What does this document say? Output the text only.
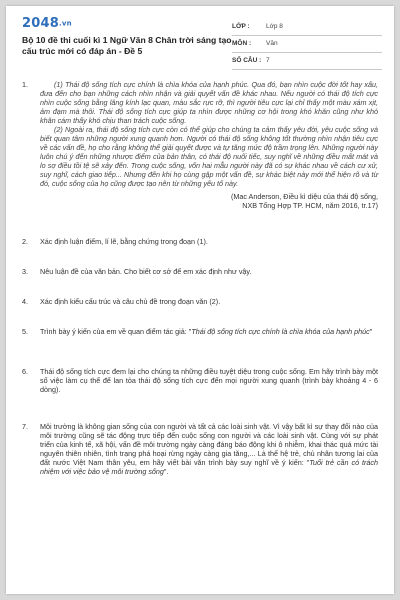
2048.vn
Bộ 10 đề thi cuối kì 1 Ngữ Văn 8 Chân trời sáng tạo cấu trúc mới có đáp án - Đề 5
LỚP :	Lớp 8
MÔN : Văn
SỐ CÂU : 7
1.	(1) Thái độ sống tích cực chính là chìa khóa của hạnh phúc. Qua đó, bạn nhìn cuộc đời tốt hay xấu, đưa đến cho bạn những cách nhìn nhận và giải quyết vấn đề khác nhau. Nếu người có thái độ tích cực nhìn cuộc sống bằng lăng kính lạc quan, màu sắc rực rỡ, thì người tiêu cực lại chỉ thấy một màu xám xịt, ảm đạm mà thôi. Thái độ sống tích cực giúp ta nhìn được những cơ hội trong khó khăn cũng như khó khăn cám thấy khó chịu than trách cuộc sống.

(2) Ngoài ra, thái độ sống tích cực còn có thể giúp cho chúng ta cảm thấy yêu đời, yêu cuộc sống và biết quan tâm những người xung quanh hơn. Người có thái độ sống không tốt thường nhìn nhận tiêu cực về các vấn đề, họ cho rằng không thể giải quyết được và tự tăng mức độ trầm trọng lên. Những người này luôn chú ý đến những nhược điểm của bản thân, có thái độ nuối tiếc, suy nghĩ về những điều mất mát và lo sợ điều tồi tệ sẽ xảy đến. Trong cuộc sống, vốn hai mẫu người này đã có sự khác nhau về cách cư xử, suy nghĩ, cách giao tiếp... Nhưng đến khi họ cùng gặp một vấn đề, sự khác biệt này mới thể hiện rõ và từ đó, cuộc sống của họ cũng được tạo nên từ những yếu tố này.

(Mac Anderson, Điều kì diệu của thái độ sống,
NXB Tổng Hợp TP. HCM, năm 2016, tr.17)
2. Xác định luận điểm, lí lẽ, bằng chứng trong đoạn (1).
3. Nêu luận đề của văn bản. Cho biết cơ sở để em xác định như vậy.
4. Xác định kiểu cấu trúc và câu chủ đề trong đoạn văn (2).
5. Trình bày ý kiến của em về quan điểm tác giả: "Thái độ sống tích cực chính là chìa khóa của hạnh phúc"
6. Thái độ sống tích cực đem lại cho chúng ta những điều tuyệt diệu trong cuộc sống. Em hãy trình bày một số việc làm cụ thể để lan tỏa thái độ sống tích cực đến mọi người xung quanh (trình bày khoảng 4 - 6 dòng).
7. Môi trường là không gian sống của con người và tất cả các loài sinh vật. Vì vậy bất kì sự thay đổi nào của môi trường cũng sẽ tác động trực tiếp đến cuộc sống con người và các loài sinh vật. Cùng với sự phát triển của kinh tế, xã hội, vấn đề môi trường ngày càng đáng báo động khi ô nhiễm, khai thác quá mức tài nguyên thiên nhiên, tình trạng phá hoại rừng ngày càng gia tăng,... Là thế hệ trẻ, chủ nhân tương lai của đất nước Việt Nam thân yêu, em hãy viết bài văn trình bày suy nghĩ về ý kiến: "Tuổi trẻ cần có trách nhiệm với việc bảo vệ môi trường sống".
